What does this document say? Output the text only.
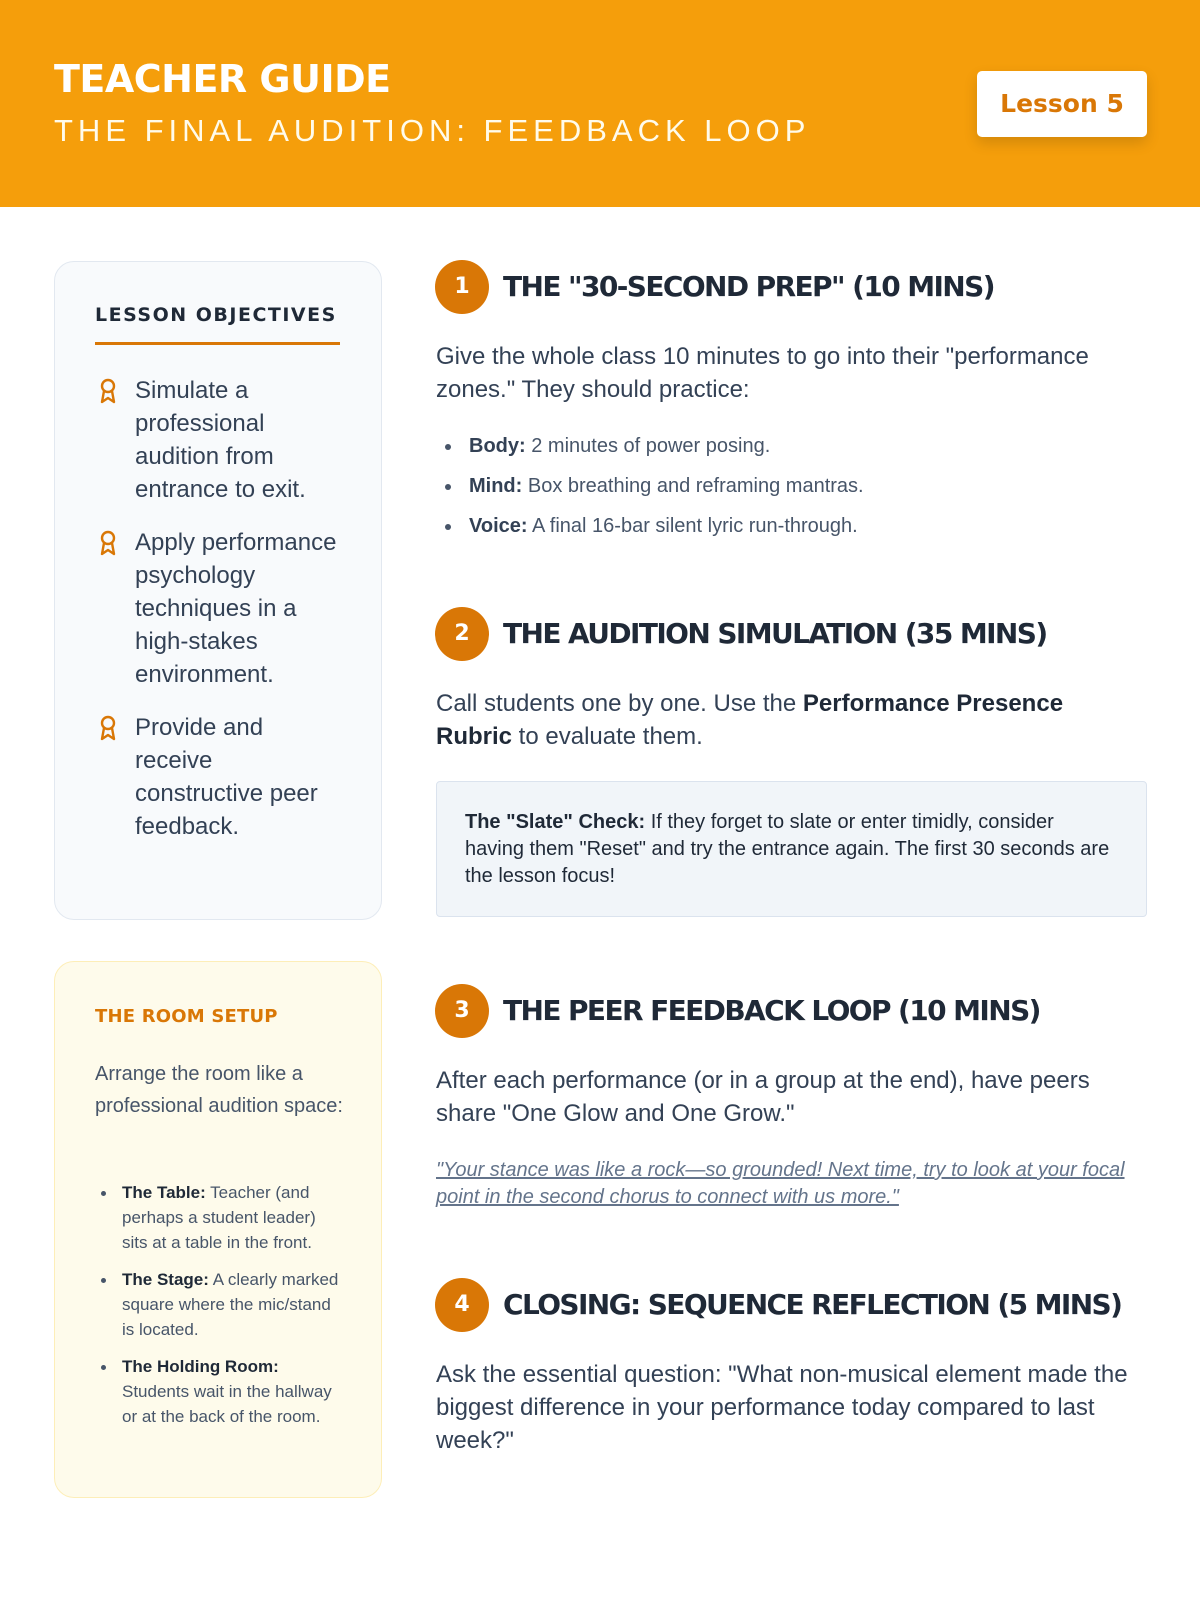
TEACHER GUIDE
THE FINAL AUDITION: FEEDBACK LOOP
Lesson 5
LESSON OBJECTIVES
Simulate a professional audition from entrance to exit.
Apply performance psychology techniques in a high-stakes environment.
Provide and receive constructive peer feedback.
THE ROOM SETUP
Arrange the room like a professional audition space:
The Table: Teacher (and perhaps a student leader) sits at a table in the front.
The Stage: A clearly marked square where the mic/stand is located.
The Holding Room: Students wait in the hallway or at the back of the room.
1	THE "30-SECOND PREP" (10 MINS)
Give the whole class 10 minutes to go into their "performance zones." They should practice:
Body: 2 minutes of power posing.
Mind: Box breathing and reframing mantras.
Voice: A final 16-bar silent lyric run-through.
2	THE AUDITION SIMULATION (35 MINS)
Call students one by one. Use the Performance Presence Rubric to evaluate them.
The "Slate" Check: If they forget to slate or enter timidly, consider having them "Reset" and try the entrance again. The first 30 seconds are the lesson focus!
3	THE PEER FEEDBACK LOOP (10 MINS)
After each performance (or in a group at the end), have peers share "One Glow and One Grow."
"Your stance was like a rock—so grounded! Next time, try to look at your focal point in the second chorus to connect with us more."
4	CLOSING: SEQUENCE REFLECTION (5 MINS)
Ask the essential question: "What non-musical element made the biggest difference in your performance today compared to last week?"
